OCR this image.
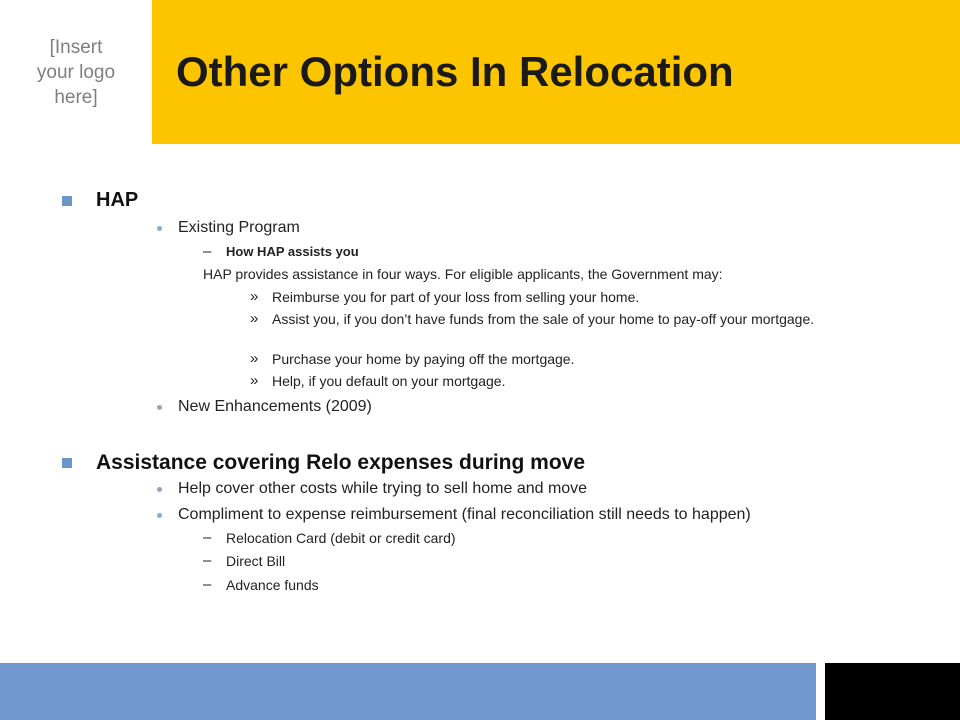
[Insert
your logo
here]
Other Options In Relocation
HAP
Existing Program
–	How HAP assists you
HAP provides assistance in four ways. For eligible applicants, the Government may:
» Reimburse you for part of your loss from selling your home.
» Assist you, if you don’t have funds from the sale of your home to pay-off your mortgage.
» Purchase your home by paying off the mortgage.
» Help, if you default on your mortgage.
New Enhancements (2009)
Assistance covering Relo expenses during move
Help cover other costs while trying to sell home and move
Compliment to expense reimbursement (final reconciliation still needs to happen)
–	Relocation Card (debit or credit card)
–	Direct Bill
–	Advance funds
